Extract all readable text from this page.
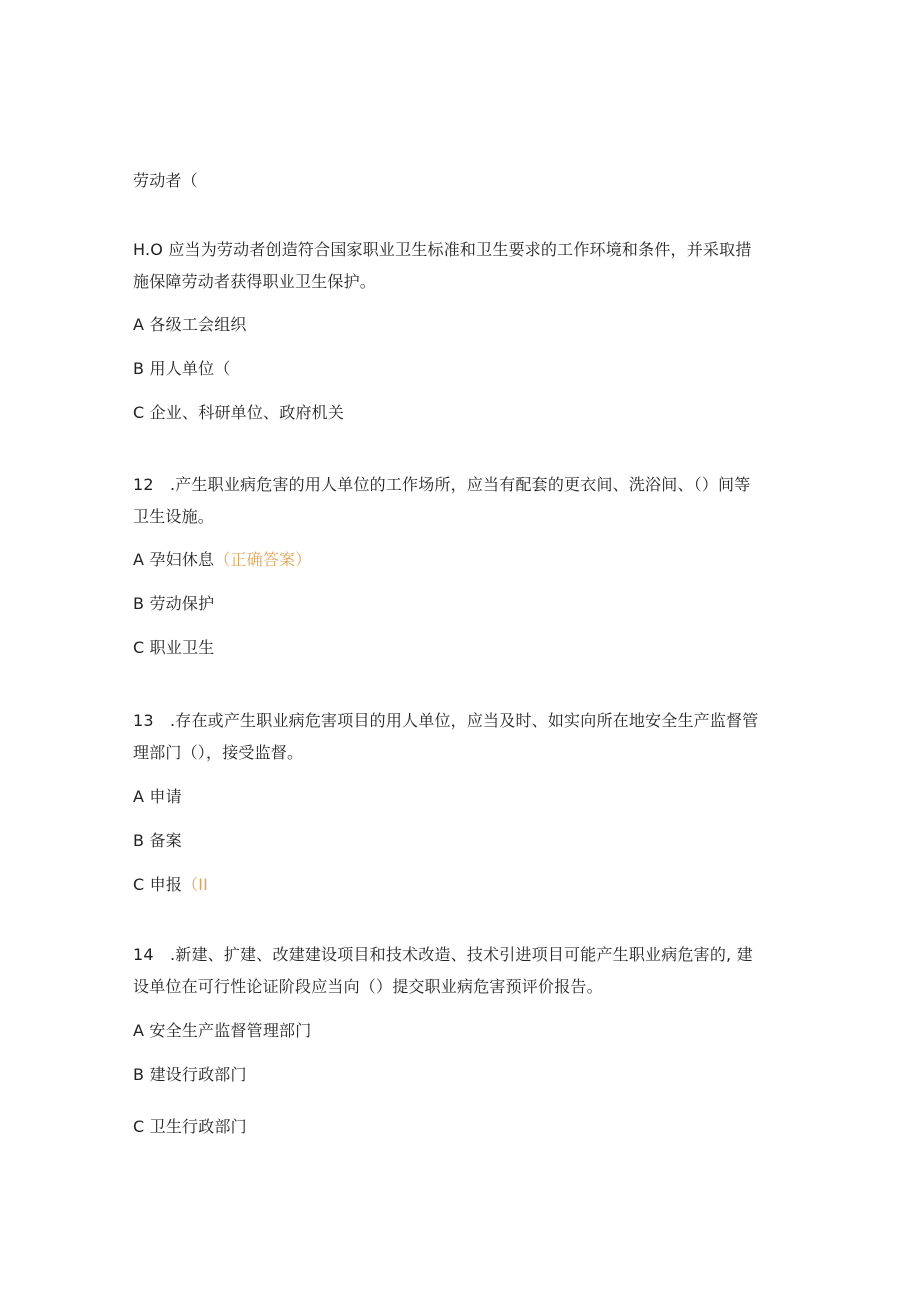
劳动者（
H.O 应当为劳动者创造符合国家职业卫生标准和卫生要求的工作环境和条件，并采取措
施保障劳动者获得职业卫生保护。
A 各级工会组织
B 用人单位（
C 企业、科研单位、政府机关
12　.产生职业病危害的用人单位的工作场所，应当有配套的更衣间、洗浴间、（）间等
卫生设施。
A 孕妇休息（正确答案）
B 劳动保护
C 职业卫生
13　.存在或产生职业病危害项目的用人单位，应当及时、如实向所在地安全生产监督管
理部门（），接受监督。
A 申请
B 备案
C 申报（II
14　.新建、扩建、改建建设项目和技术改造、技术引进项目可能产生职业病危害的, 建
设单位在可行性论证阶段应当向（）提交职业病危害预评价报告。
A 安全生产监督管理部门
B 建设行政部门
C 卫生行政部门
